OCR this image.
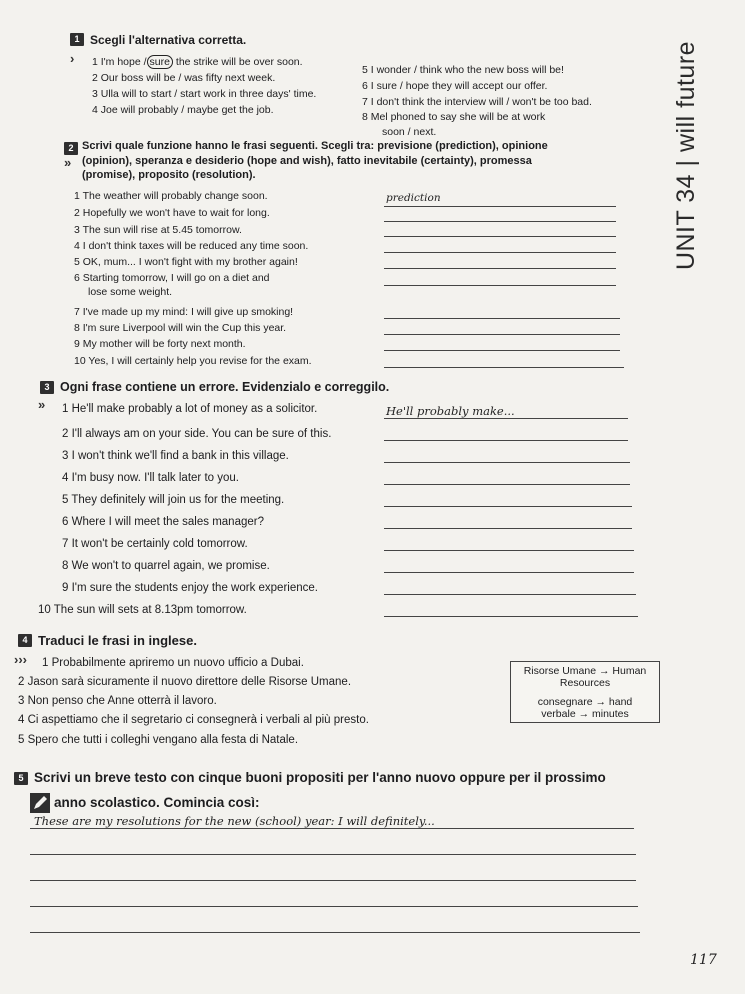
UNIT 34 | will future
1 Scegli l'alternativa corretta.
› 1 I'm hope / sure the strike will be over soon.
2 Our boss will be / was fifty next week.
3 Ulla will to start / start work in three days' time.
4 Joe will probably / maybe get the job.
5 I wonder / think who the new boss will be!
6 I sure / hope they will accept our offer.
7 I don't think the interview will / won't be too bad.
8 Mel phoned to say she will be at work
soon / next.
2 Scrivi quale funzione hanno le frasi seguenti. Scegli tra: previsione (prediction), opinione
» (opinion), speranza e desiderio (hope and wish), fatto inevitabile (certainty), promessa
(promise), proposito (resolution).
1 The weather will probably change soon.
2 Hopefully we won't have to wait for long.
3 The sun will rise at 5.45 tomorrow.
4 I don't think taxes will be reduced any time soon.
5 OK, mum... I won't fight with my brother again!
6 Starting tomorrow, I will go on a diet and
lose some weight.
7 I've made up my mind: I will give up smoking!
8 I'm sure Liverpool will win the Cup this year.
9 My mother will be forty next month.
10 Yes, I will certainly help you revise for the exam.
prediction
3 Ogni frase contiene un errore. Evidenzialo e correggilo.
» 1 He'll make probably a lot of money as a solicitor.
2 I'll always am on your side. You can be sure of this.
3 I won't think we'll find a bank in this village.
4 I'm busy now. I'll talk later to you.
5 They definitely will join us for the meeting.
6 Where I will meet the sales manager?
7 It won't be certainly cold tomorrow.
8 We won't to quarrel again, we promise.
9 I'm sure the students enjoy the work experience.
10 The sun will sets at 8.13pm tomorrow.
He'll probably make...
4 Traduci le frasi in inglese.
››› 1 Probabilmente apriremo un nuovo ufficio a Dubai.
2 Jason sarà sicuramente il nuovo direttore delle Risorse Umane.
3 Non penso che Anne otterrà il lavoro.
4 Ci aspettiamo che il segretario ci consegnerà i verbali al più presto.
5 Spero che tutti i colleghi vengano alla festa di Natale.
Risorse Umane → Human
Resources
consegnare → hand
verbale → minutes
5 Scrivi un breve testo con cinque buoni propositi per l'anno nuovo oppure per il prossimo
anno scolastico. Comincia così:
These are my resolutions for the new (school) year: I will definitely...
117
